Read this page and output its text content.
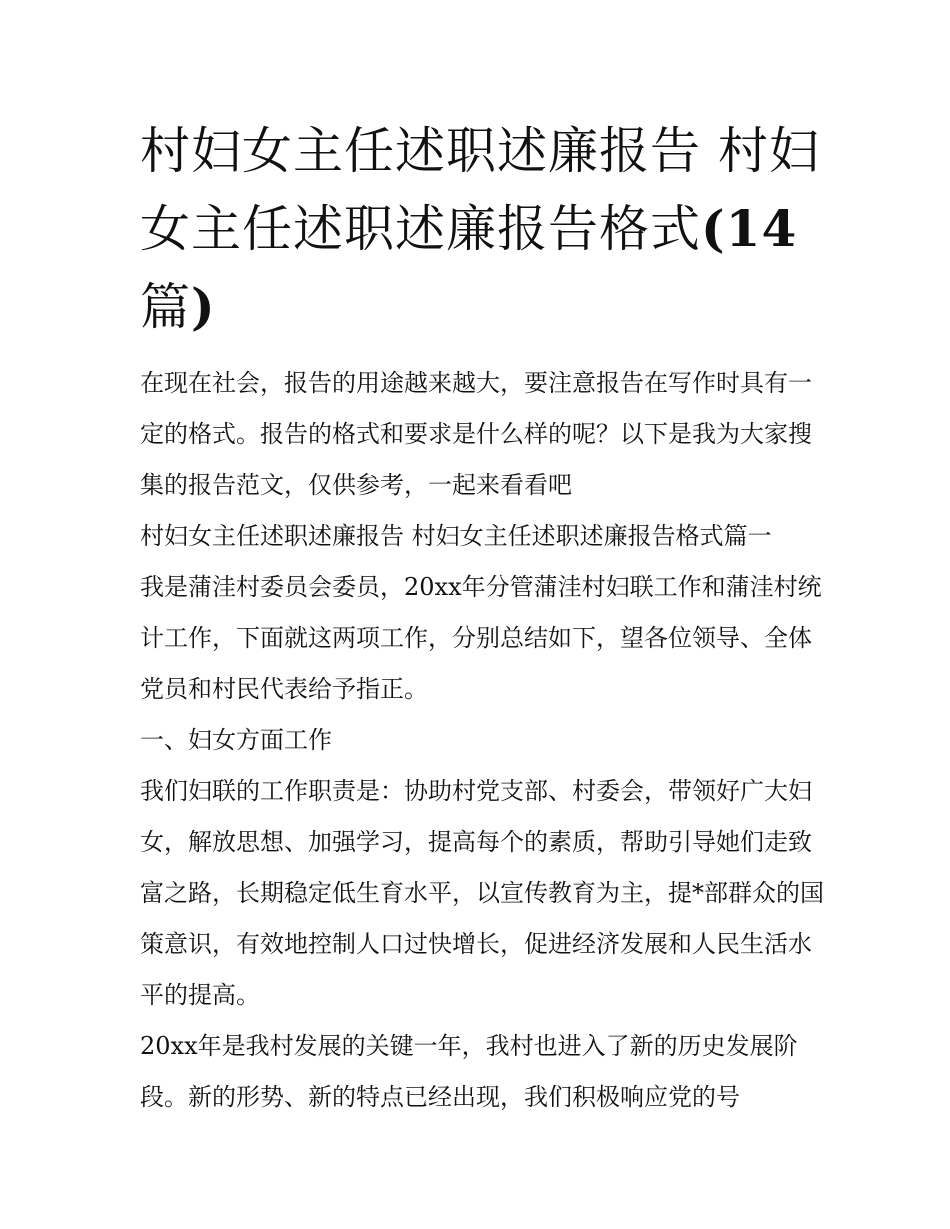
村妇女主任述职述廉报告 村妇
女主任述职述廉报告格式(14
篇)

在现在社会，报告的用途越来越大，要注意报告在写作时具有一定的格式。报告的格式和要求是什么样的呢？以下是我为大家搜集的报告范文，仅供参考，一起来看看吧

村妇女主任述职述廉报告 村妇女主任述职述廉报告格式篇一

我是蒲洼村委员会委员，20xx年分管蒲洼村妇联工作和蒲洼村统计工作，下面就这两项工作，分别总结如下，望各位领导、全体党员和村民代表给予指正。

一、妇女方面工作

我们妇联的工作职责是：协助村党支部、村委会，带领好广大妇女，解放思想、加强学习，提高每个的素质，帮助引导她们走致富之路，长期稳定低生育水平，以宣传教育为主，提*部群众的国策意识，有效地控制人口过快增长，促进经济发展和人民生活水平的提高。

20xx年是我村发展的关键一年，我村也进入了新的历史发展阶段。新的形势、新的特点已经出现，我们积极响应党的号
